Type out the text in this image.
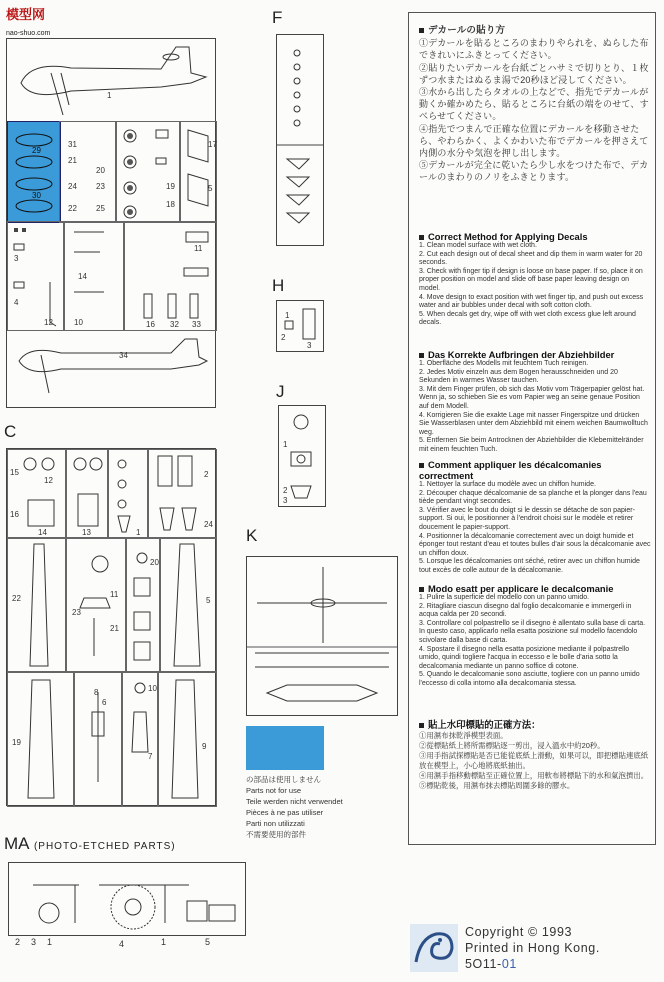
模型网
nao-shuo.com
1
29
30
31
21
20
22 25
24 23	19
18
17
5
3
4
12
14
10
11
16 32 33
34
F
H
1
2
3
J
1
2
3
K
の部品は使用しません
Parts not for use
Teile werden nicht verwendet
Pièces à ne pas utiliser
Parti non utilizzati
不需要使用的部件
C
15
12
16
14	13	1
2
24
22
23
11
21
20
5
19
8
6
10
7
9
MA (PHOTO-ETCHED PARTS)
2 3 1	4	1	5

デカールの貼り方

①デカールを貼るところのまわりやられを、ぬらした布できれいにふきとってください。

②貼りたいデカールを台紙ごとハサミで切りとり、１枚ずつ水またはぬるま湯で20秒ほど浸してください。

③水から出したらタオルの上などで、指先でデカールが動くか確かめたら、貼るところに台紙の端をのせて、すべらせてください。

④指先でつまんで正確な位置にデカールを移動させたら、やわらかく、よくかわいた布でデカールを押さえて内側の水分や気泡を押し出します。

⑤デカールが完全に乾いたら少し水をつけた布で、デカールのまわりのノリをふきとります。

Correct Method for Applying Decals

1. Clean model surface with wet cloth.

2. Cut each design out of decal sheet and dip them in warm water for 20 seconds.

3. Check with finger tip if design is loose on base paper. If so, place it on proper position on model and slide off base paper leaving design on model.

4. Move design to exact position with wet finger tip, and push out excess water and air bubbles under decal with soft cotton cloth.

5. When decals get dry, wipe off with wet cloth excess glue left around decals.

Das Korrekte Aufbringen der Abziehbilder

1. Oberfläche des Modells mit feuchtem Tuch reinigen.

2. Jedes Motiv einzeln aus dem Bogen herausschneiden und 20 Sekunden in warmes Wasser tauchen.

3. Mit dem Finger prüfen, ob sich das Motiv vom Trägerpapier gelöst hat. Wenn ja, so schieben Sie es vom Papier weg an seine genaue Position auf dem Modell.

4. Korrigieren Sie die exakte Lage mit nasser Fingerspitze und drücken Sie Wasserblasen unter dem Abziehbild mit einem weichen Baumwolltuch weg.

5. Entfernen Sie beim Antrocknen der Abziehbilder die Klebemittelränder mit einem feuchten Tuch.

Comment appliquer les décalcomanies correctment

1. Nettoyer la surface du modèle avec un chiffon humide.

2. Découper chaque décalcomanie de sa planche et la plonger dans l'eau tiède pendant vingt secondes.

3. Vérifier avec le bout du doigt si le dessin se détache de son papier-support. Si oui, le positionner à l'endroit choisi sur le modèle et retirer doucement le papier-support.

4. Positionner la décalcomanie correctement avec un doigt humide et éponger tout restant d'eau et toutes bulles d'air sous la décalcomanie avec un chiffon doux.

5. Lorsque les décalcomanies ont séché, retirer avec un chiffon humide tout excès de colle autour de la décalcomanie.

Modo esatt per applicare le decalcomanie

1. Pulire la superficie del modello con un panno umido.

2. Ritagliare ciascun disegno dal foglio decalcomanie e immergerli in acqua calda per 20 secondi.

3. Controllare col polpastrello se il disegno è allentato sulla base di carta. In questo caso, applicarlo nella esatta posizione sul modello facendolo scivolare dalla base di carta.

4. Spostare il disegno nella esatta posizione mediante il polpastrello umido, quindi togliere l'acqua in eccesso e le bolle d'aria sotto la decalcomania mediante un panno soffice di cotone.

5. Quando le decalcomanie sono asciutte, togliere con un panno umido l'eccesso di colla intorno alla decalcomania stessa.

貼上水印標貼的正確方法：

①用濕布抹乾淨模型表面。

②從標貼紙上將所需標貼逐一剪出，浸入溫水中約20秒。

③用手指試探標貼是否已能從底紙上滑動，如果可以，即把標貼連底紙放在模型上，小心地將底紙抽出。

④用濕手指移動標貼至正確位置上，用軟布將標貼下的水和氣泡擠出。

⑤標貼乾後，用濕布抹去標貼周圍多餘的膠水。

Copyright © 1993
Printed in Hong Kong.
5O11-01
